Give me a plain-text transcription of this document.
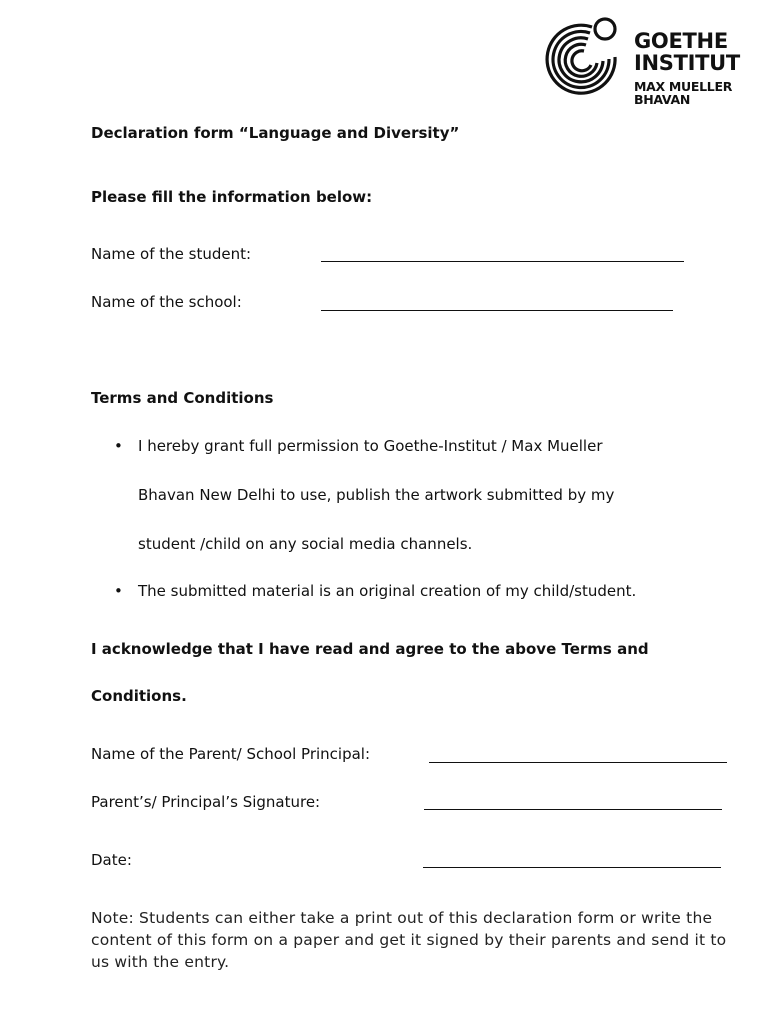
GOETHE
INSTITUT
MAX MUELLER
BHAVAN
Declaration form “Language and Diversity”
Please fill the information below:
Name of the student:
Name of the school:
Terms and Conditions
• I hereby grant full permission to Goethe-Institut / Max Mueller
Bhavan New Delhi to use, publish the artwork submitted by my
student /child on any social media channels.
• The submitted material is an original creation of my child/student.
I acknowledge that I have read and agree to the above Terms and
Conditions.
Name of the Parent/ School Principal:
Parent’s/ Principal’s Signature:
Date:
Note: Students can either take a print out of this declaration form or write the content of this form on a paper and get it signed by their parents and send it to us with the entry.
